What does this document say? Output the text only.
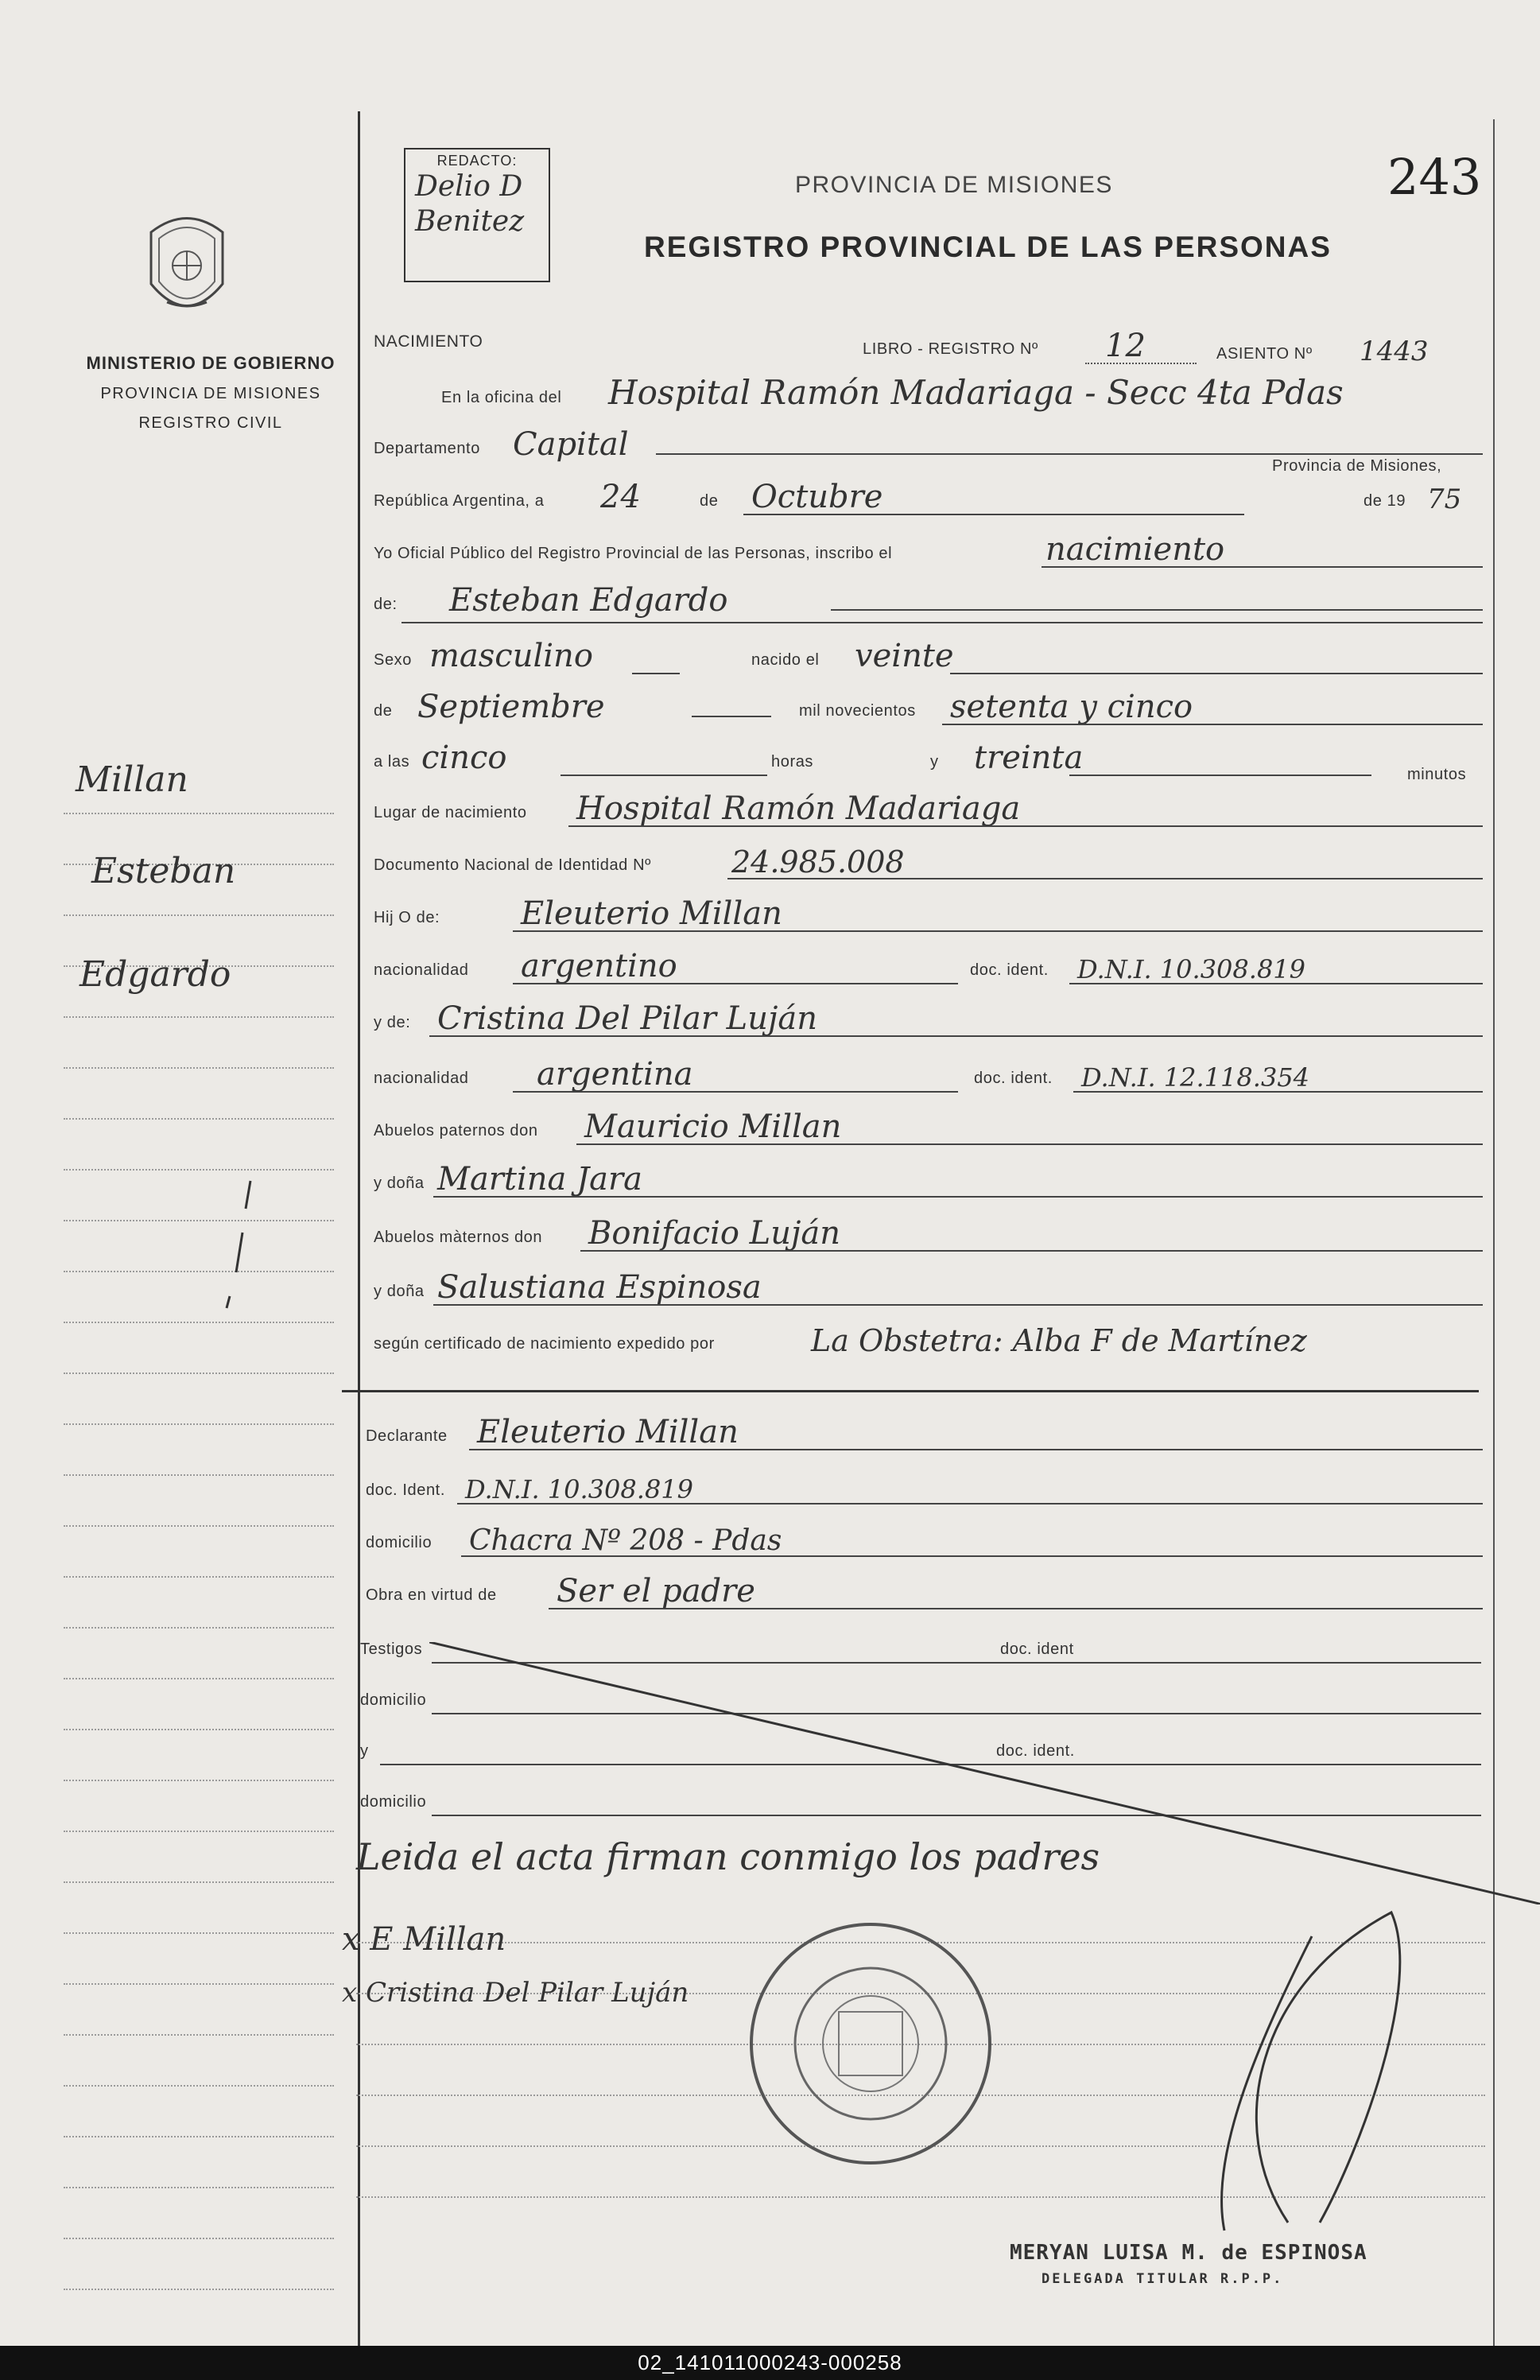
MINISTERIO DE GOBIERNO
PROVINCIA DE MISIONES
REGISTRO CIVIL
Millan
Esteban
Edgardo
REDACTO:
Delio D
Benitez
PROVINCIA DE MISIONES
REGISTRO PROVINCIAL DE LAS PERSONAS
243
NACIMIENTO	LIBRO - REGISTRO Nº 12	ASIENTO Nº 1443
En la oficina del Hospital Ramón Madariaga - Secc 4ta Pdas
Departamento Capital
Provincia de Misiones,
República Argentina, a 24	de Octubre	de 19 75
Yo Oficial Público del Registro Provincial de las Personas, inscribo el	nacimiento
de: Esteban Edgardo
Sexo masculino	nacido el veinte
de Septiembre	mil novecientos setenta y cinco
a las cinco	horas	y treinta	minutos
Lugar de nacimiento Hospital Ramón Madariaga
Documento Nacional de Identidad Nº	24.985.008
Hij O de:	Eleuterio Millan
nacionalidad argentino	doc. ident. D.N.I. 10.308.819
y de: Cristina Del Pilar Luján
nacionalidad argentina	doc. ident. D.N.I. 12.118.354
Abuelos paternos don Mauricio Millan
y doña Martina Jara
Abuelos màternos don Bonifacio Luján
y doña Salustiana Espinosa
según certificado de nacimiento expedido por	La Obstetra: Alba F de Martínez
Declarante Eleuterio Millan
doc. Ident. D.N.I. 10.308.819
domicilio Chacra Nº 208 - Pdas
Obra en virtud de Ser el padre
Testigos	doc. ident
domicilio
y	doc. ident.
domicilio
Leida el acta firman conmigo los padres
x E Millan
x Cristina Del Pilar Luján
MERYAN LUISA M. de ESPINOSA
DELEGADA TITULAR R.P.P.
02_141011000243-000258
